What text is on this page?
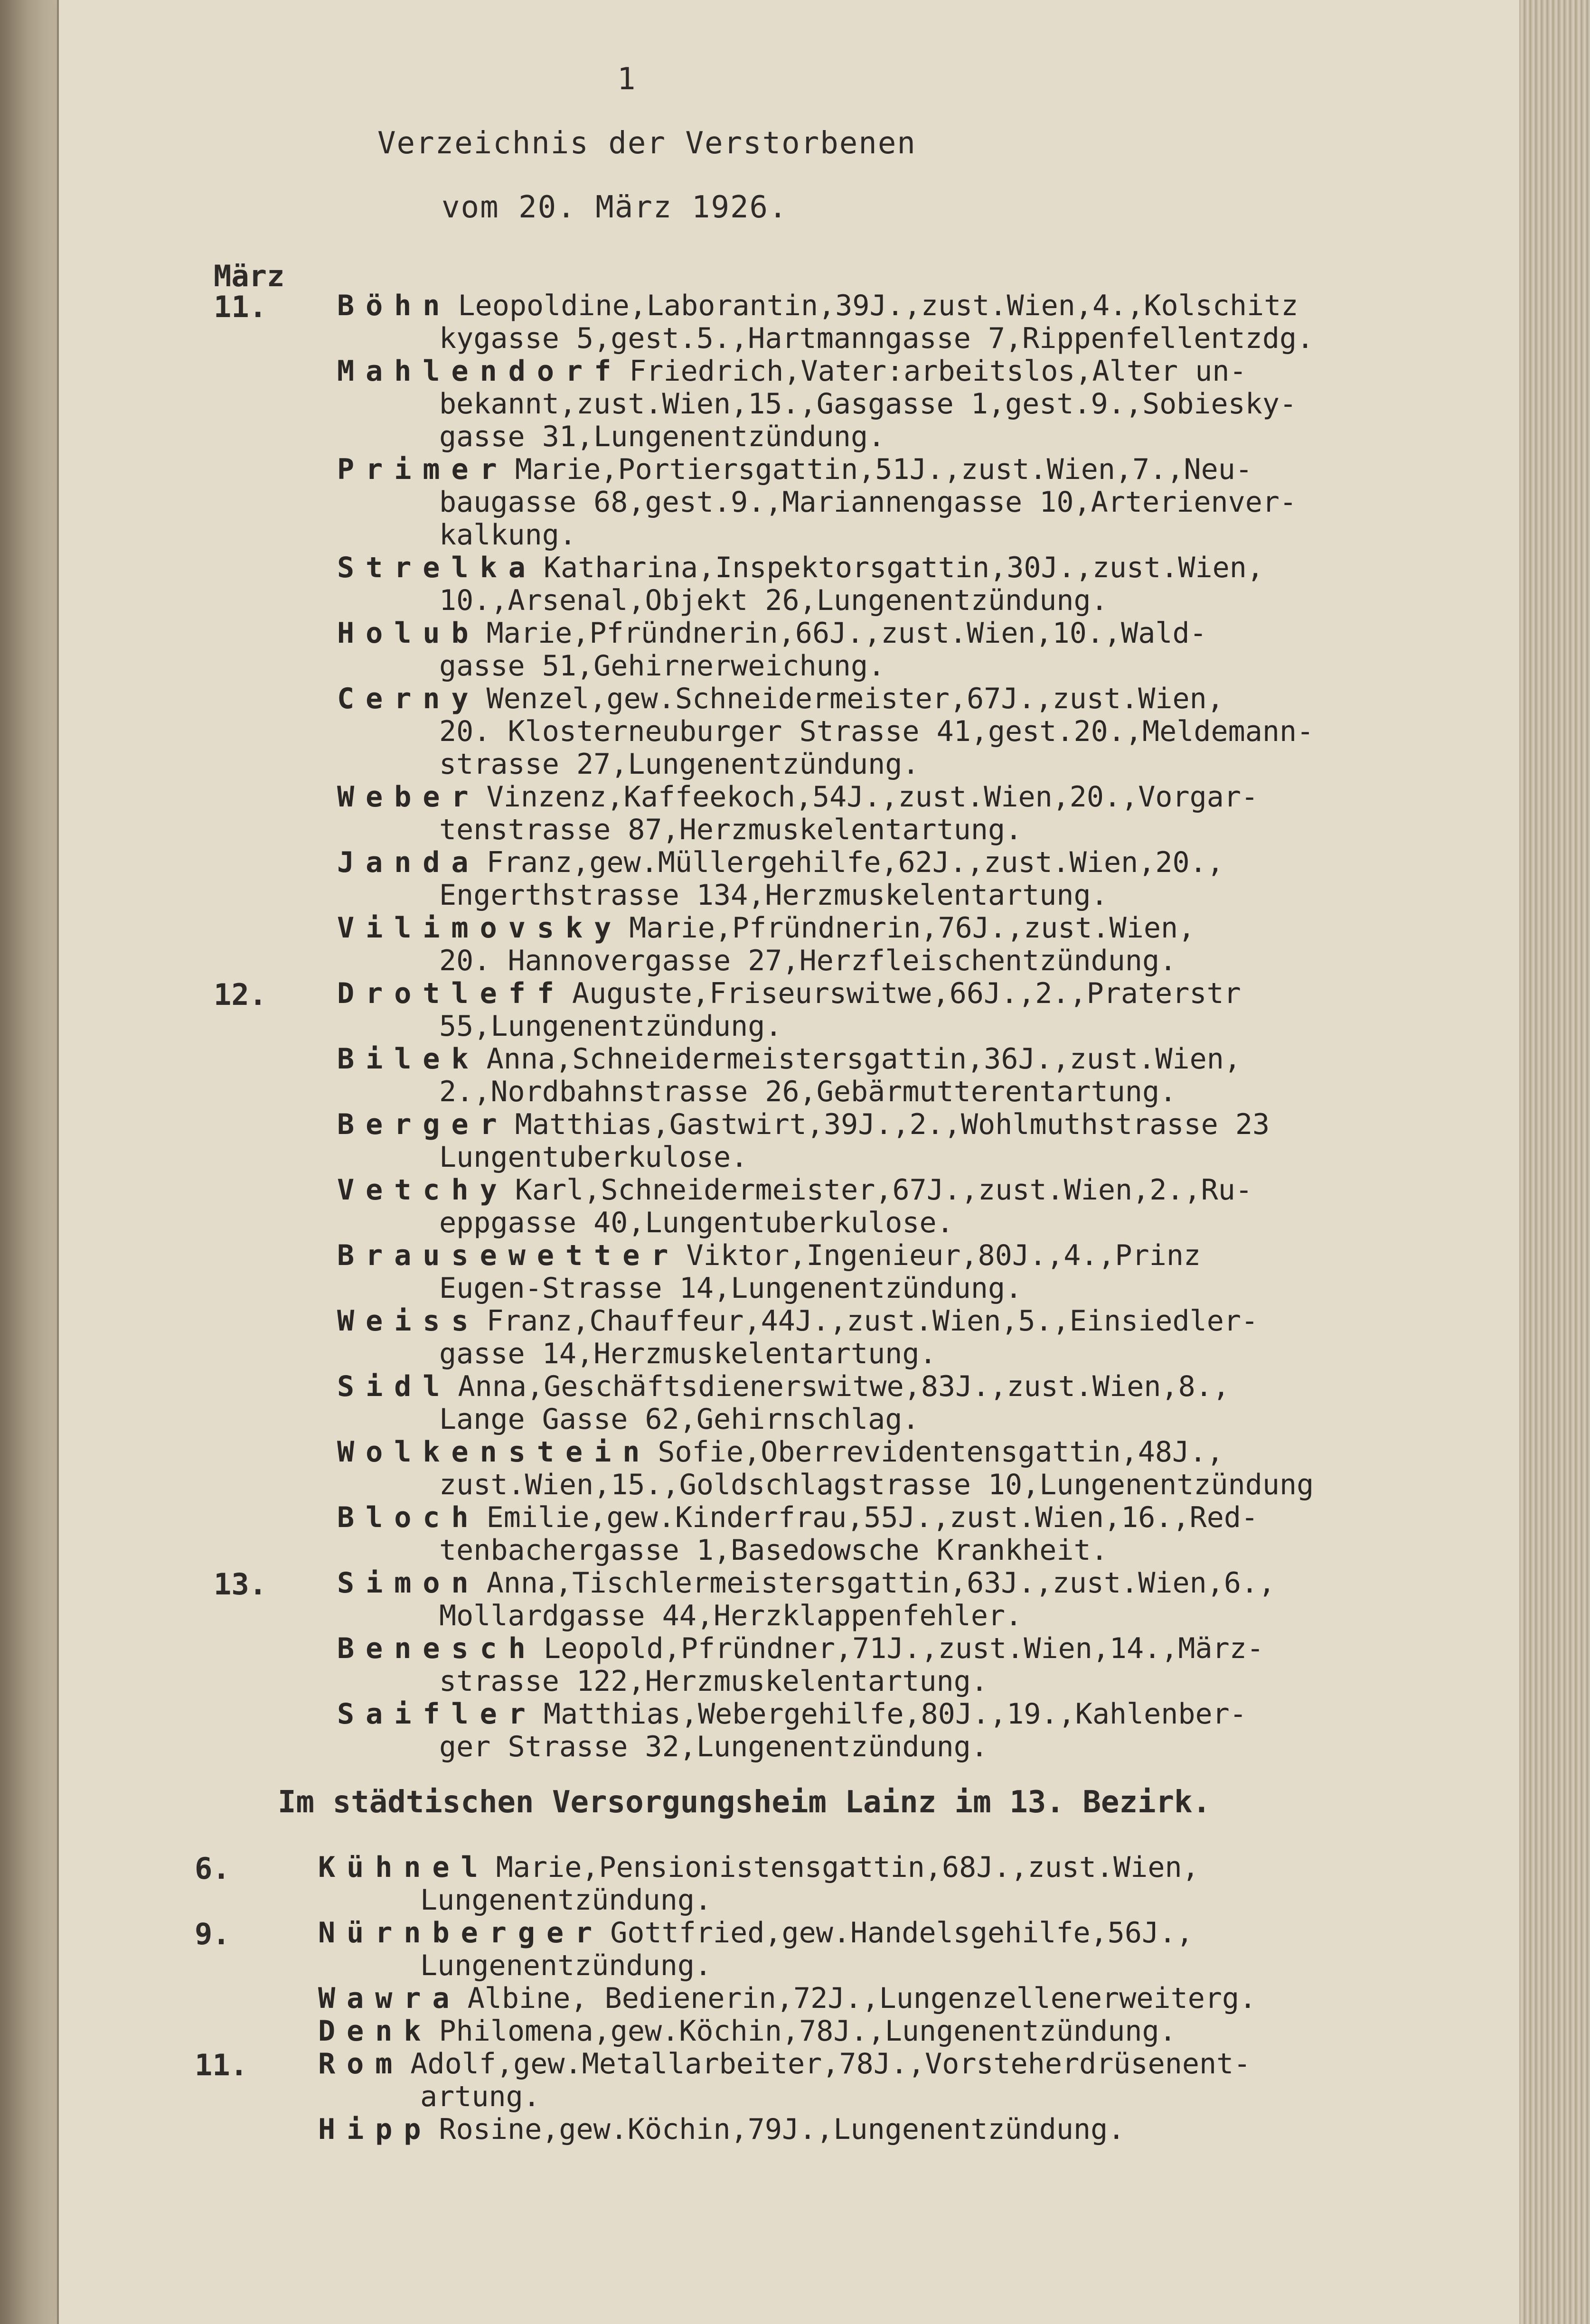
1
Verzeichnis der Verstorbenen
vom 20. März 1926.
März
11. Böhn Leopoldine,Laborantin,39J.,zust.Wien,4.,Kolschitz
kygasse 5,gest.5.,Hartmanngasse 7,Rippenfellentzdg.
Mahlendorf Friedrich,Vater:arbeitslos,Alter un-
bekannt,zust.Wien,15.,Gasgasse 1,gest.9.,Sobiesky-
gasse 31,Lungenentzündung.
Primer Marie,Portiersgattin,51J.,zust.Wien,7.,Neu-
baugasse 68,gest.9.,Mariannengasse 10,Arterienver-
kalkung.
Strelka Katharina,Inspektorsgattin,30J.,zust.Wien,
10.,Arsenal,Objekt 26,Lungenentzündung.
Holub Marie,Pfründnerin,66J.,zust.Wien,10.,Wald-
gasse 51,Gehirnerweichung.
Cerny Wenzel,gew.Schneidermeister,67J.,zust.Wien,
20. Klosterneuburger Strasse 41,gest.20.,Meldemann-
strasse 27,Lungenentzündung.
Weber Vinzenz,Kaffeekoch,54J.,zust.Wien,20.,Vorgar-
tenstrasse 87,Herzmuskelentartung.
Janda Franz,gew.Müllergehilfe,62J.,zust.Wien,20.,
Engerthstrasse 134,Herzmuskelentartung.
Vilimovsky Marie,Pfründnerin,76J.,zust.Wien,
20. Hannovergasse 27,Herzfleischentzündung.
12. Drotleff Auguste,Friseurswitwe,66J.,2.,Praterstr
55,Lungenentzündung.
Bilek Anna,Schneidermeistersgattin,36J.,zust.Wien,
2.,Nordbahnstrasse 26,Gebärmutterentartung.
Berger Matthias,Gastwirt,39J.,2.,Wohlmuthstrasse 23
Lungentuberkulose.
Vetchy Karl,Schneidermeister,67J.,zust.Wien,2.,Ru-
eppgasse 40,Lungentuberkulose.
Brausewetter Viktor,Ingenieur,80J.,4.,Prinz
Eugen-Strasse 14,Lungenentzündung.
Weiss Franz,Chauffeur,44J.,zust.Wien,5.,Einsiedler-
gasse 14,Herzmuskelentartung.
Sidl Anna,Geschäftsdienerswitwe,83J.,zust.Wien,8.,
Lange Gasse 62,Gehirnschlag.
Wolkenstein Sofie,Oberrevidentensgattin,48J.,
zust.Wien,15.,Goldschlagstrasse 10,Lungenentzündung
Bloch Emilie,gew.Kinderfrau,55J.,zust.Wien,16.,Red-
tenbachergasse 1,Basedowsche Krankheit.
13. Simon Anna,Tischlermeistersgattin,63J.,zust.Wien,6.,
Mollardgasse 44,Herzklappenfehler.
Benesch Leopold,Pfründner,71J.,zust.Wien,14.,März-
strasse 122,Herzmuskelentartung.
Saifler Matthias,Webergehilfe,80J.,19.,Kahlenber-
ger Strasse 32,Lungenentzündung.
Im städtischen Versorgungsheim Lainz im 13. Bezirk.
6.	Kühnel Marie,Pensionistensgattin,68J.,zust.Wien,
Lungenentzündung.
9.	Nürnberger Gottfried,gew.Handelsgehilfe,56J.,
Lungenentzündung.
Wawra Albine, Bedienerin,72J.,Lungenzellenerweiterg.
Denk Philomena,gew.Köchin,78J.,Lungenentzündung.
11. Rom Adolf,gew.Metallarbeiter,78J.,Vorsteherdrüsenent-
artung.
Hipp Rosine,gew.Köchin,79J.,Lungenentzündung.
